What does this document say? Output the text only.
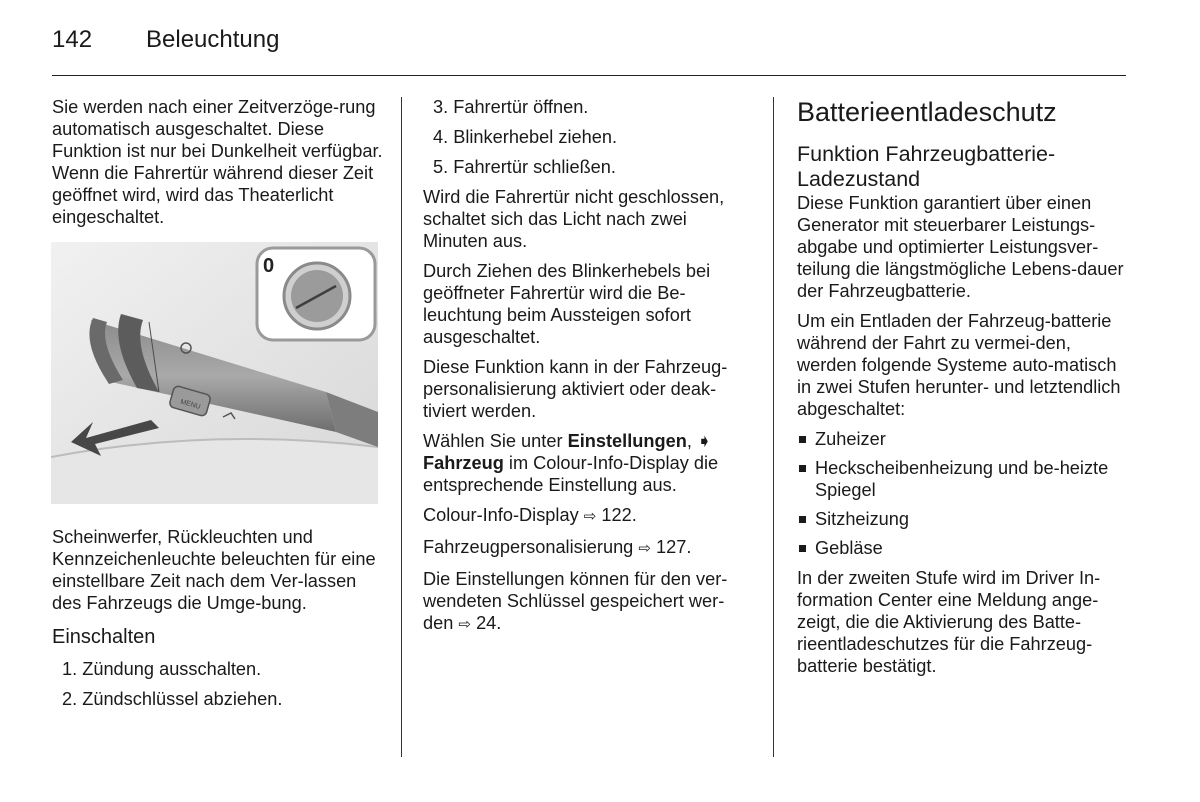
142 Beleuchtung

Sie werden nach einer Zeitverzöge-rung automatisch ausgeschaltet. Diese Funktion ist nur bei Dunkelheit verfügbar. Wenn die Fahrertür während dieser Zeit geöffnet wird, wird das Theaterlicht eingeschaltet.

MENU
0

Scheinwerfer, Rückleuchten und Kennzeichenleuchte beleuchten für eine einstellbare Zeit nach dem Ver-lassen des Fahrzeugs die Umge-bung.

Einschalten
1. Zündung ausschalten.
2. Zündschlüssel abziehen.
3. Fahrertür öffnen.
4. Blinkerhebel ziehen.
5. Fahrertür schließen.

Wird die Fahrertür nicht geschlossen, schaltet sich das Licht nach zwei Minuten aus.

Durch Ziehen des Blinkerhebels bei geöffneter Fahrertür wird die Be-leuchtung beim Aussteigen sofort ausgeschaltet.

Diese Funktion kann in der Fahrzeug-personalisierung aktiviert oder deak-tiviert werden.

Wählen Sie unter Einstellungen, ➧ Fahrzeug im Colour-Info-Display die entsprechende Einstellung aus.

Colour-Info-Display ⇨ 122.

Fahrzeugpersonalisierung ⇨ 127.

Die Einstellungen können für den ver-wendeten Schlüssel gespeichert wer-den ⇨ 24.

Batterieentladeschutz
Funktion Fahrzeugbatterie-Ladezustand

Diese Funktion garantiert über einen Generator mit steuerbarer Leistungs-abgabe und optimierter Leistungsver-teilung die längstmögliche Lebens-dauer der Fahrzeugbatterie.

Um ein Entladen der Fahrzeug-batterie während der Fahrt zu vermei-den, werden folgende Systeme auto-matisch in zwei Stufen herunter- und letztendlich abgeschaltet:

Zuheizer
Heckscheibenheizung und be-heizte Spiegel
Sitzheizung
Gebläse

In der zweiten Stufe wird im Driver In-formation Center eine Meldung ange-zeigt, die die Aktivierung des Batte-rieentladeschutzes für die Fahrzeug-batterie bestätigt.
